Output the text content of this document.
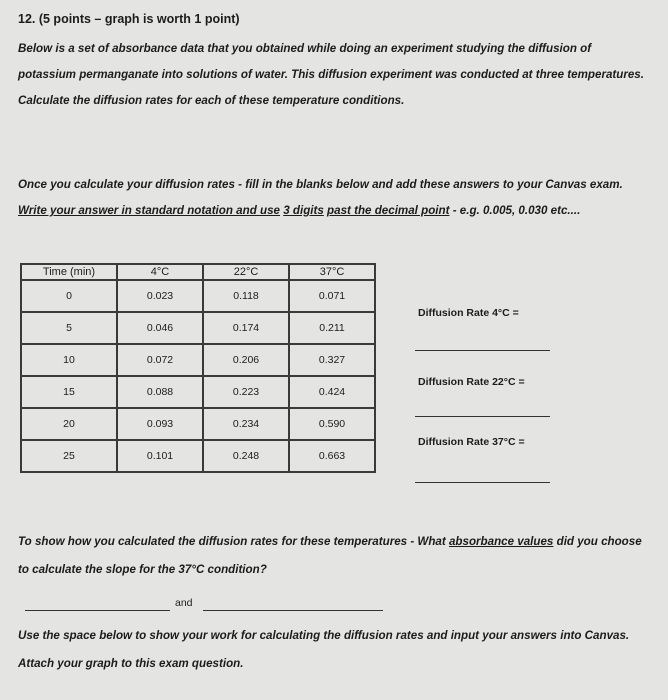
12. (5 points – graph is worth 1 point)
Below is a set of absorbance data that you obtained while doing an experiment studying the diffusion of potassium permanganate into solutions of water. This diffusion experiment was conducted at three temperatures. Calculate the diffusion rates for each of these temperature conditions.
Once you calculate your diffusion rates - fill in the blanks below and add these answers to your Canvas exam. Write your answer in standard notation and use 3 digits past the decimal point - e.g. 0.005, 0.030 etc....
Time (min)	4°C	22°C	37°C
0	0.023	0.118	0.071
5	0.046	0.174	0.211
10	0.072	0.206	0.327
15	0.088	0.223	0.424
20	0.093	0.234	0.590
25	0.101	0.248	0.663
Diffusion Rate 4°C =
Diffusion Rate 22°C =
Diffusion Rate 37°C =
To show how you calculated the diffusion rates for these temperatures - What absorbance values did you choose to calculate the slope for the 37°C condition?
and
Use the space below to show your work for calculating the diffusion rates and input your answers into Canvas. Attach your graph to this exam question.
